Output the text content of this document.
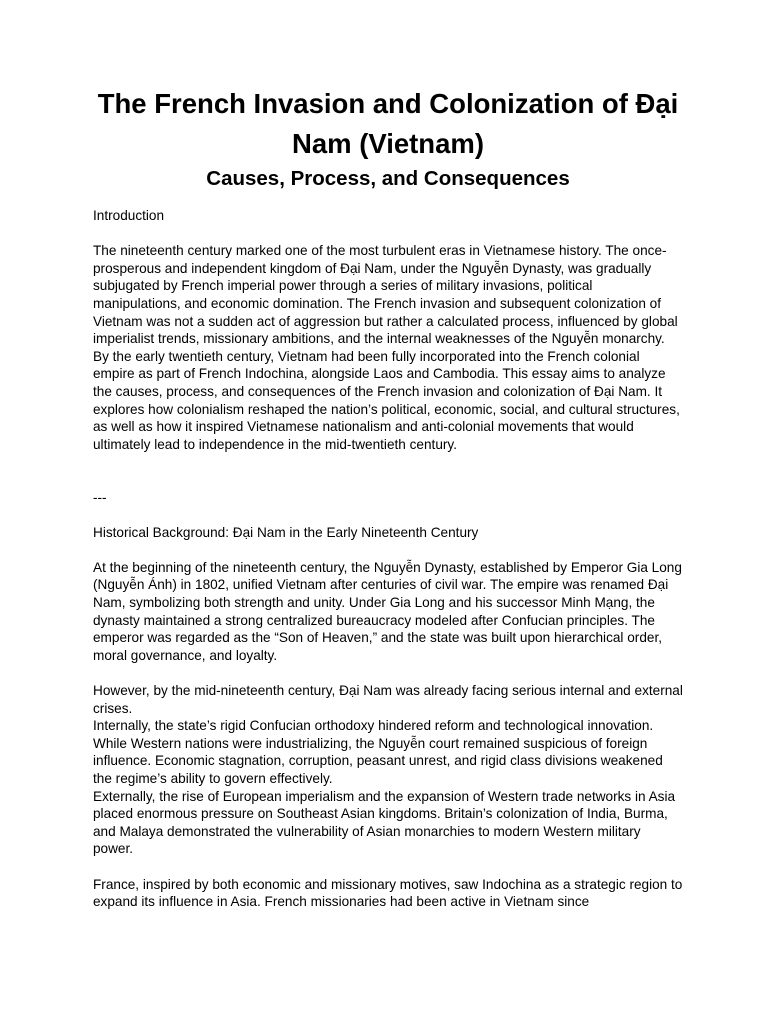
The French Invasion and Colonization of Đại Nam (Vietnam)
Causes, Process, and Consequences

Introduction

The nineteenth century marked one of the most turbulent eras in Vietnamese history. The once-prosperous and independent kingdom of Đại Nam, under the Nguyễn Dynasty, was gradually subjugated by French imperial power through a series of military invasions, political manipulations, and economic domination. The French invasion and subsequent colonization of Vietnam was not a sudden act of aggression but rather a calculated process, influenced by global imperialist trends, missionary ambitions, and the internal weaknesses of the Nguyễn monarchy.

By the early twentieth century, Vietnam had been fully incorporated into the French colonial empire as part of French Indochina, alongside Laos and Cambodia. This essay aims to analyze the causes, process, and consequences of the French invasion and colonization of Đại Nam. It explores how colonialism reshaped the nation’s political, economic, social, and cultural structures, as well as how it inspired Vietnamese nationalism and anti-colonial movements that would ultimately lead to independence in the mid-twentieth century.

---

Historical Background: Đại Nam in the Early Nineteenth Century

At the beginning of the nineteenth century, the Nguyễn Dynasty, established by Emperor Gia Long (Nguyễn Ánh) in 1802, unified Vietnam after centuries of civil war. The empire was renamed Đại Nam, symbolizing both strength and unity. Under Gia Long and his successor Minh Mạng, the dynasty maintained a strong centralized bureaucracy modeled after Confucian principles. The emperor was regarded as the “Son of Heaven,” and the state was built upon hierarchical order, moral governance, and loyalty.

However, by the mid-nineteenth century, Đại Nam was already facing serious internal and external crises.

Internally, the state’s rigid Confucian orthodoxy hindered reform and technological innovation. While Western nations were industrializing, the Nguyễn court remained suspicious of foreign influence. Economic stagnation, corruption, peasant unrest, and rigid class divisions weakened the regime’s ability to govern effectively.

Externally, the rise of European imperialism and the expansion of Western trade networks in Asia placed enormous pressure on Southeast Asian kingdoms. Britain’s colonization of India, Burma, and Malaya demonstrated the vulnerability of Asian monarchies to modern Western military power.

France, inspired by both economic and missionary motives, saw Indochina as a strategic region to expand its influence in Asia. French missionaries had been active in Vietnam since
